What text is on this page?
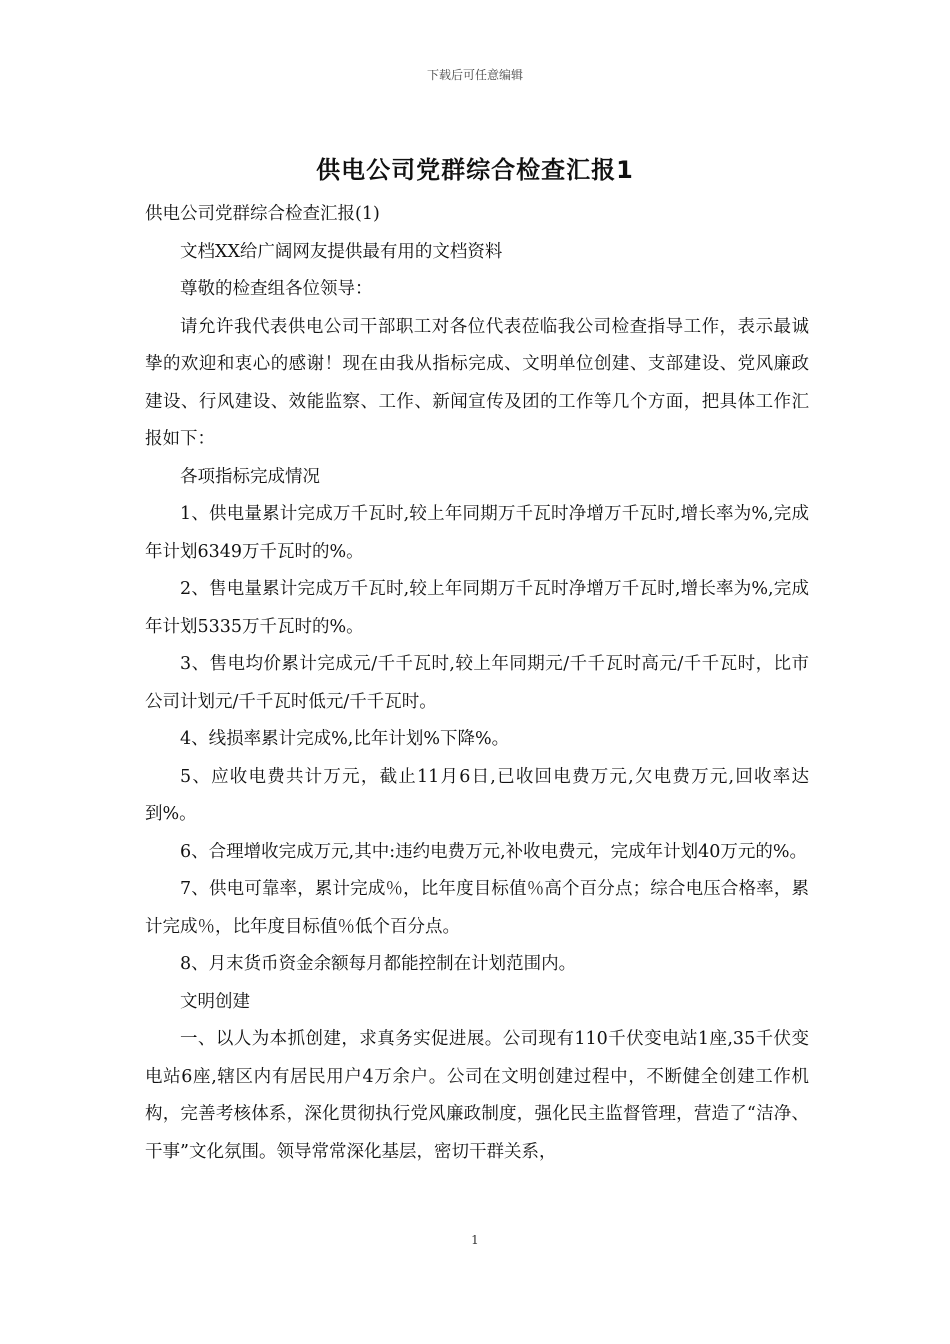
下载后可任意编辑
供电公司党群综合检查汇报1

供电公司党群综合检查汇报(1)

文档XX给广阔网友提供最有用的文档资料

尊敬的检查组各位领导：

请允许我代表供电公司干部职工对各位代表莅临我公司检查指导工作，表示最诚挚的欢迎和衷心的感谢！现在由我从指标完成、文明单位创建、支部建设、党风廉政建设、行风建设、效能监察、工作、新闻宣传及团的工作等几个方面，把具体工作汇报如下：

各项指标完成情况

1、供电量累计完成万千瓦时,较上年同期万千瓦时净增万千瓦时,增长率为%,完成年计划6349万千瓦时的%。

2、售电量累计完成万千瓦时,较上年同期万千瓦时净增万千瓦时,增长率为%,完成年计划5335万千瓦时的%。

3、售电均价累计完成元/千千瓦时,较上年同期元/千千瓦时高元/千千瓦时，比市公司计划元/千千瓦时低元/千千瓦时。

4、线损率累计完成%,比年计划%下降%。

5、应收电费共计万元，截止11月6日,已收回电费万元,欠电费万元,回收率达到%。

6、合理增收完成万元,其中:违约电费万元,补收电费元，完成年计划40万元的%。

7、供电可靠率，累计完成％，比年度目标值％高个百分点；综合电压合格率，累计完成％，比年度目标值％低个百分点。

8、月末货币资金余额每月都能控制在计划范围内。

文明创建

一、以人为本抓创建，求真务实促进展。公司现有110千伏变电站1座,35千伏变电站6座,辖区内有居民用户4万余户。公司在文明创建过程中，不断健全创建工作机构，完善考核体系，深化贯彻执行党风廉政制度，强化民主监督管理，营造了“洁净、干事”文化氛围。领导常常深化基层，密切干群关系，

1
